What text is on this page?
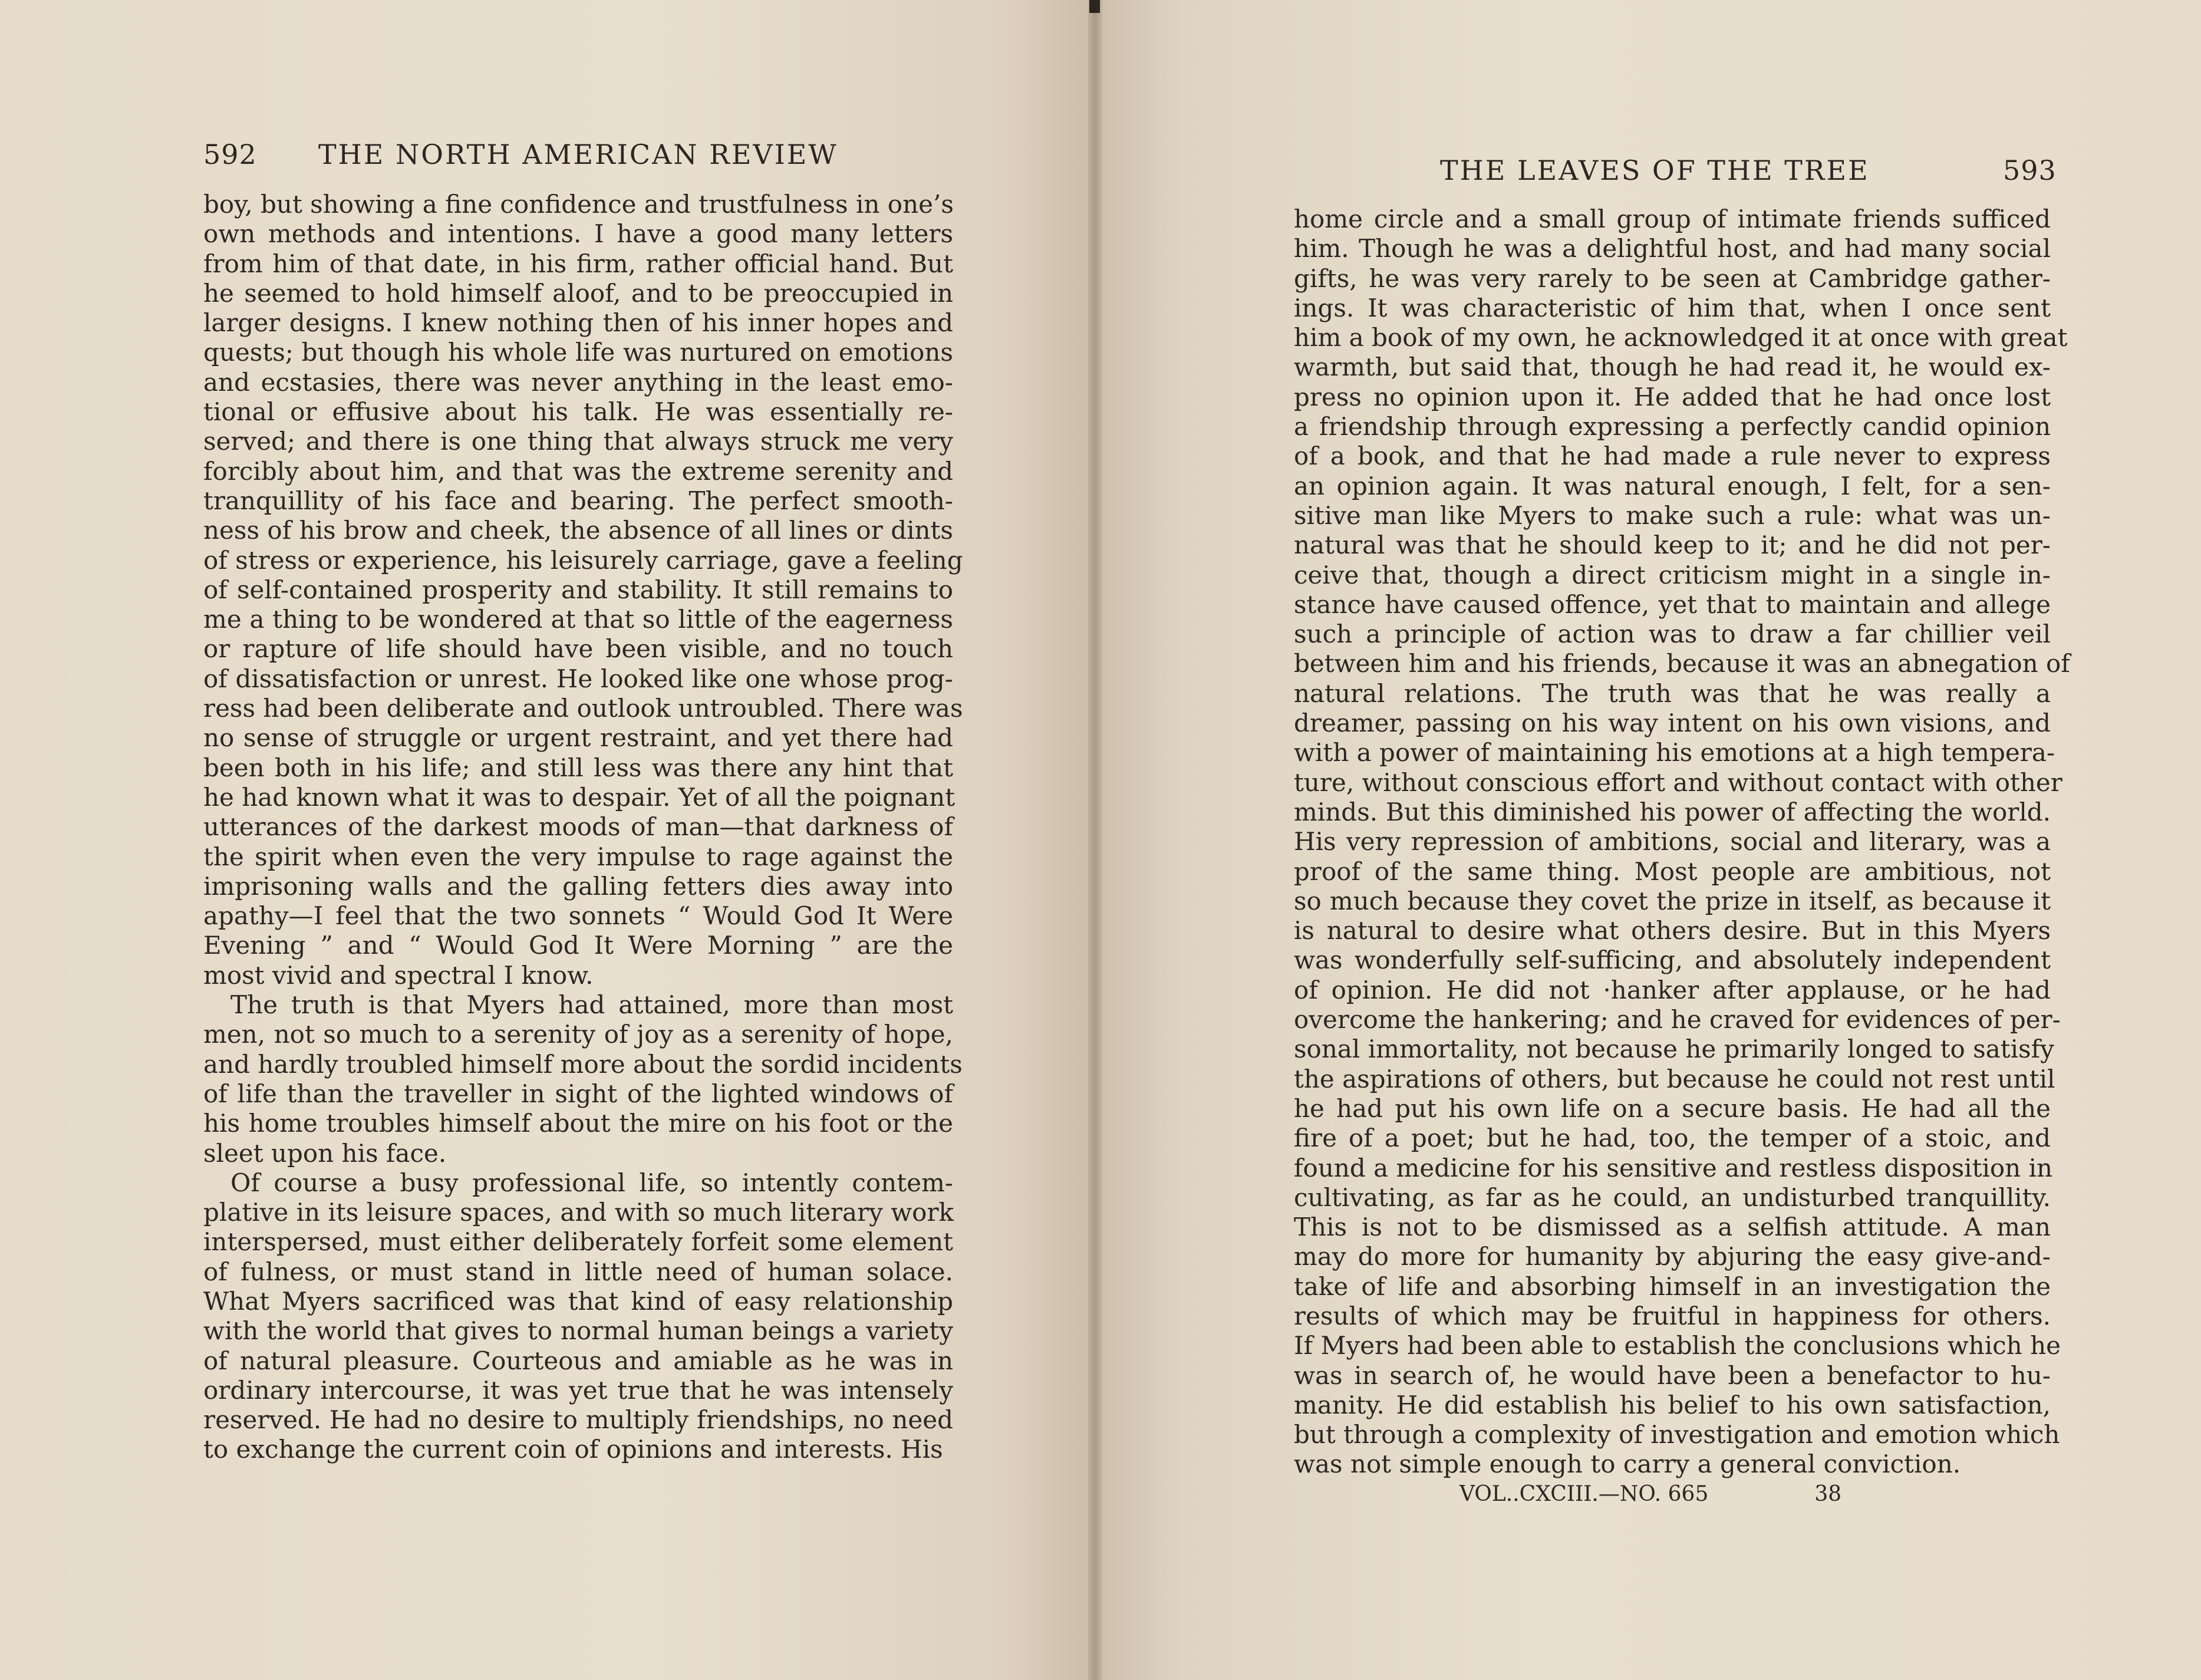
592 THE NORTH AMERICAN REVIEW
boy, but showing a fine confidence and trustfulness in one’s
own methods and intentions. I have a good many letters
from him of that date, in his firm, rather official hand. But
he seemed to hold himself aloof, and to be preoccupied in
larger designs. I knew nothing then of his inner hopes and
quests; but though his whole life was nurtured on emotions
and ecstasies, there was never anything in the least emo-
tional or effusive about his talk. He was essentially re-
served; and there is one thing that always struck me very
forcibly about him, and that was the extreme serenity and
tranquillity of his face and bearing. The perfect smooth-
ness of his brow and cheek, the absence of all lines or dints
of stress or experience, his leisurely carriage, gave a feeling
of self-contained prosperity and stability. It still remains to
me a thing to be wondered at that so little of the eagerness
or rapture of life should have been visible, and no touch
of dissatisfaction or unrest. He looked like one whose prog-
ress had been deliberate and outlook untroubled. There was
no sense of struggle or urgent restraint, and yet there had
been both in his life; and still less was there any hint that
he had known what it was to despair. Yet of all the poignant
utterances of the darkest moods of man—that darkness of
the spirit when even the very impulse to rage against the
imprisoning walls and the galling fetters dies away into
apathy—I feel that the two sonnets “ Would God It Were
Evening ” and “ Would God It Were Morning ” are the
most vivid and spectral I know.
The truth is that Myers had attained, more than most
men, not so much to a serenity of joy as a serenity of hope,
and hardly troubled himself more about the sordid incidents
of life than the traveller in sight of the lighted windows of
his home troubles himself about the mire on his foot or the
sleet upon his face.
Of course a busy professional life, so intently contem-
plative in its leisure spaces, and with so much literary work
interspersed, must either deliberately forfeit some element
of fulness, or must stand in little need of human solace.
What Myers sacrificed was that kind of easy relationship
with the world that gives to normal human beings a variety
of natural pleasure. Courteous and amiable as he was in
ordinary intercourse, it was yet true that he was intensely
reserved. He had no desire to multiply friendships, no need
to exchange the current coin of opinions and interests. His
THE LEAVES OF THE TREE	593
home circle and a small group of intimate friends sufficed
him. Though he was a delightful host, and had many social
gifts, he was very rarely to be seen at Cambridge gather-
ings. It was characteristic of him that, when I once sent
him a book of my own, he acknowledged it at once with great
warmth, but said that, though he had read it, he would ex-
press no opinion upon it. He added that he had once lost
a friendship through expressing a perfectly candid opinion
of a book, and that he had made a rule never to express
an opinion again. It was natural enough, I felt, for a sen-
sitive man like Myers to make such a rule: what was un-
natural was that he should keep to it; and he did not per-
ceive that, though a direct criticism might in a single in-
stance have caused offence, yet that to maintain and allege
such a principle of action was to draw a far chillier veil
between him and his friends, because it was an abnegation of
natural relations. The truth was that he was really a
dreamer, passing on his way intent on his own visions, and
with a power of maintaining his emotions at a high tempera-
ture, without conscious effort and without contact with other
minds. But this diminished his power of affecting the world.
His very repression of ambitions, social and literary, was a
proof of the same thing. Most people are ambitious, not
so much because they covet the prize in itself, as because it
is natural to desire what others desire. But in this Myers
was wonderfully self-sufficing, and absolutely independent
of opinion. He did not ·hanker after applause, or he had
overcome the hankering; and he craved for evidences of per-
sonal immortality, not because he primarily longed to satisfy
the aspirations of others, but because he could not rest until
he had put his own life on a secure basis. He had all the
fire of a poet; but he had, too, the temper of a stoic, and
found a medicine for his sensitive and restless disposition in
cultivating, as far as he could, an undisturbed tranquillity.
This is not to be dismissed as a selfish attitude. A man
may do more for humanity by abjuring the easy give-and-
take of life and absorbing himself in an investigation the
results of which may be fruitful in happiness for others.
If Myers had been able to establish the conclusions which he
was in search of, he would have been a benefactor to hu-
manity. He did establish his belief to his own satisfaction,
but through a complexity of investigation and emotion which
was not simple enough to carry a general conviction.
VOL..CXCIII.—NO. 665	38
